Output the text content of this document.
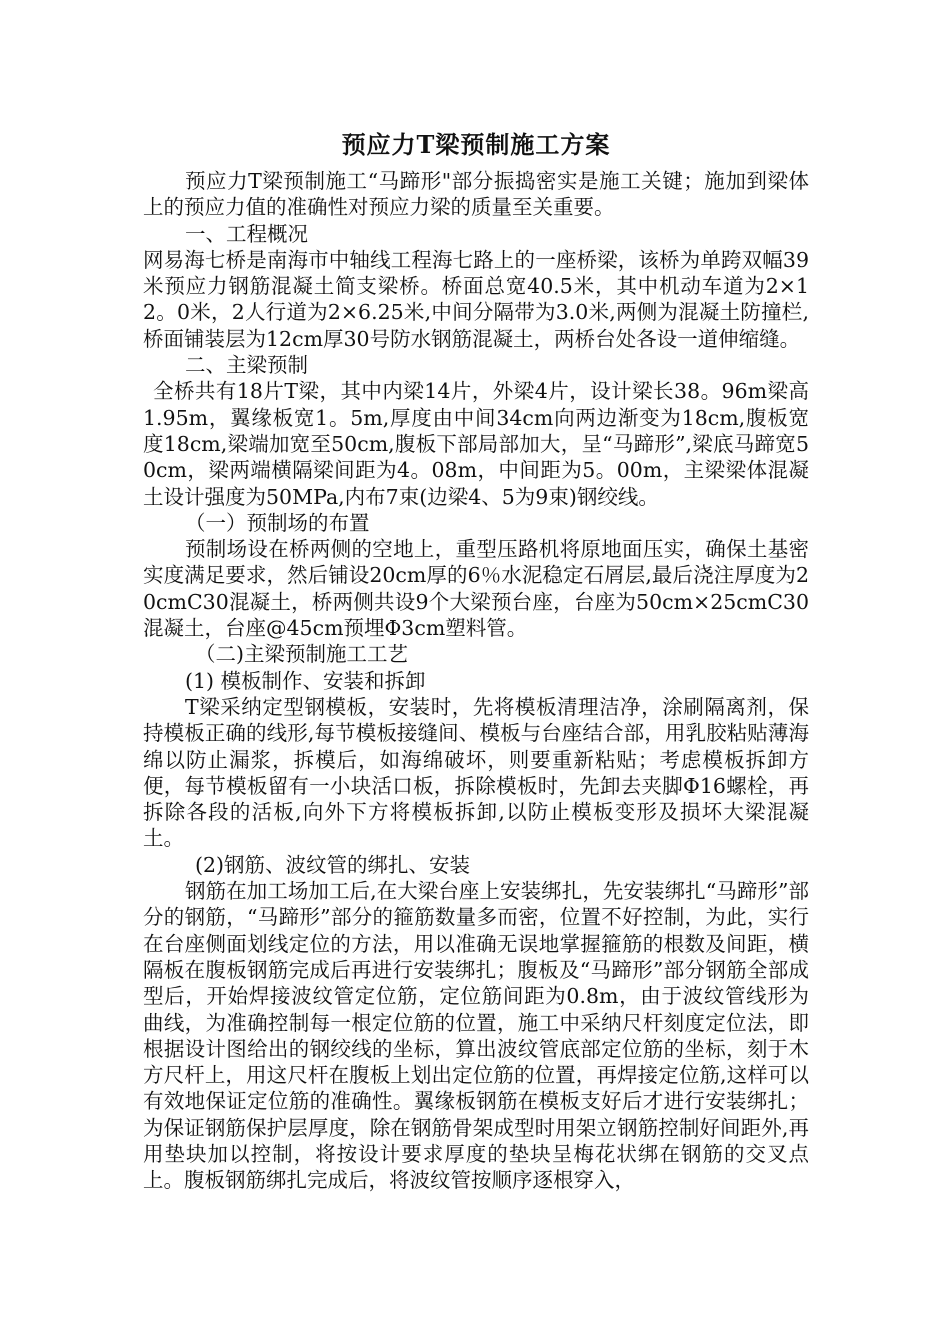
预应力T梁预制施工方案

预应力T梁预制施工“马蹄形"部分振捣密实是施工关键；施加到梁体上的预应力值的准确性对预应力梁的质量至关重要。

一、工程概况

网易海七桥是南海市中轴线工程海七路上的一座桥梁，该桥为单跨双幅39米预应力钢筋混凝土简支梁桥。桥面总宽40.5米，其中机动车道为2×12。0米，2人行道为2×6.25米,中间分隔带为3.0米,两侧为混凝土防撞栏,桥面铺装层为12cm厚30号防水钢筋混凝土，两桥台处各设一道伸缩缝。

二、主梁预制

全桥共有18片T梁，其中内梁14片，外梁4片，设计梁长38。96m梁高1.95m，翼缘板宽1。5m,厚度由中间34cm向两边渐变为18cm,腹板宽度18cm,梁端加宽至50cm,腹板下部局部加大，呈“马蹄形”,梁底马蹄宽50cm，梁两端横隔梁间距为4。08m，中间距为5。00m，主梁梁体混凝土设计强度为50MPa,内布7束(边梁4、5为9束)钢绞线。

（一）预制场的布置

预制场设在桥两侧的空地上，重型压路机将原地面压实，确保土基密实度满足要求，然后铺设20cm厚的6％水泥稳定石屑层,最后浇注厚度为20cmC30混凝土，桥两侧共设9个大梁预台座，台座为50cm×25cmC30混凝土，台座@45cm预埋Φ3cm塑料管。

（二)主梁预制施工工艺

(1) 模板制作、安装和拆卸

T梁采纳定型钢模板，安装时，先将模板清理洁净，涂刷隔离剂，保持模板正确的线形,每节模板接缝间、模板与台座结合部，用乳胶粘贴薄海绵以防止漏浆，拆模后，如海绵破坏，则要重新粘贴；考虑模板拆卸方便，每节模板留有一小块活口板，拆除模板时，先卸去夹脚Φ16螺栓，再拆除各段的活板,向外下方将模板拆卸,以防止模板变形及损坏大梁混凝土。

(2)钢筋、波纹管的绑扎、安装

钢筋在加工场加工后,在大梁台座上安装绑扎，先安装绑扎“马蹄形”部分的钢筋，“马蹄形”部分的箍筋数量多而密，位置不好控制，为此，实行在台座侧面划线定位的方法，用以准确无误地掌握箍筋的根数及间距，横隔板在腹板钢筋完成后再进行安装绑扎；腹板及“马蹄形”部分钢筋全部成型后，开始焊接波纹管定位筋，定位筋间距为0.8m，由于波纹管线形为曲线，为准确控制每一根定位筋的位置，施工中采纳尺杆刻度定位法，即根据设计图给出的钢绞线的坐标，算出波纹管底部定位筋的坐标，刻于木方尺杆上，用这尺杆在腹板上划出定位筋的位置，再焊接定位筋,这样可以有效地保证定位筋的准确性。翼缘板钢筋在模板支好后才进行安装绑扎；为保证钢筋保护层厚度，除在钢筋骨架成型时用架立钢筋控制好间距外,再用垫块加以控制，将按设计要求厚度的垫块呈梅花状绑在钢筋的交叉点上。腹板钢筋绑扎完成后，将波纹管按顺序逐根穿入，
